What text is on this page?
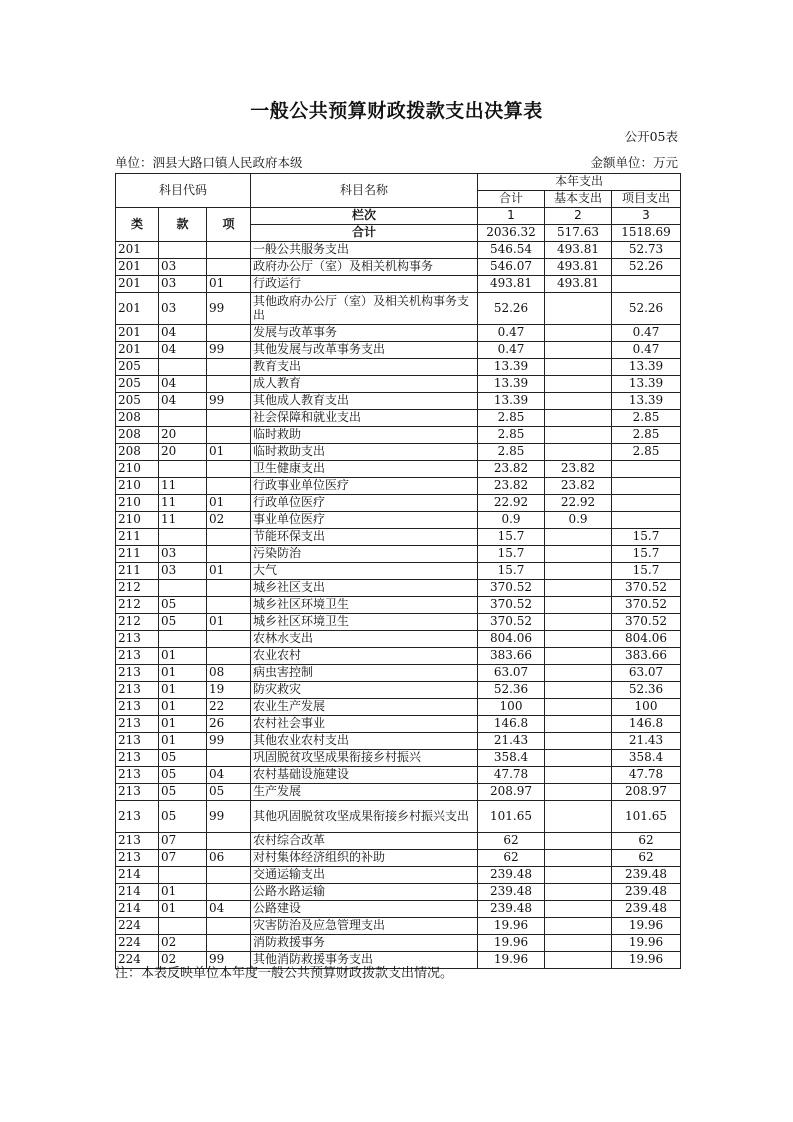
一般公共预算财政拨款支出决算表
公开05表
单位：泗县大路口镇人民政府本级	金额单位：万元
科目代码			科目名称	本年支出		
				合计	基本支出	项目支出
类	款	项	栏次	1	2	3
			合计	2036.32	517.63	1518.69
201			一般公共服务支出	546.54	493.81	52.73
201	03		政府办公厅（室）及相关机构事务	546.07	493.81	52.26
201	03	01	行政运行	493.81	493.81	
201	03	99	其他政府办公厅（室）及相关机构事务支出	52.26		52.26
201	04		发展与改革事务	0.47		0.47
201	04	99	其他发展与改革事务支出	0.47		0.47
205			教育支出	13.39		13.39
205	04		成人教育	13.39		13.39
205	04	99	其他成人教育支出	13.39		13.39
208			社会保障和就业支出	2.85		2.85
208	20		临时救助	2.85		2.85
208	20	01	临时救助支出	2.85		2.85
210			卫生健康支出	23.82	23.82	
210	11		行政事业单位医疗	23.82	23.82	
210	11	01	行政单位医疗	22.92	22.92	
210	11	02	事业单位医疗	0.9	0.9	
211			节能环保支出	15.7		15.7
211	03		污染防治	15.7		15.7
211	03	01	大气	15.7		15.7
212			城乡社区支出	370.52		370.52
212	05		城乡社区环境卫生	370.52		370.52
212	05	01	城乡社区环境卫生	370.52		370.52
213			农林水支出	804.06		804.06
213	01		农业农村	383.66		383.66
213	01	08	病虫害控制	63.07		63.07
213	01	19	防灾救灾	52.36		52.36
213	01	22	农业生产发展	100		100
213	01	26	农村社会事业	146.8		146.8
213	01	99	其他农业农村支出	21.43		21.43
213	05		巩固脱贫攻坚成果衔接乡村振兴	358.4		358.4
213	05	04	农村基础设施建设	47.78		47.78
213	05	05	生产发展	208.97		208.97
213	05	99	其他巩固脱贫攻坚成果衔接乡村振兴支出	101.65		101.65
213	07		农村综合改革	62		62
213	07	06	对村集体经济组织的补助	62		62
214			交通运输支出	239.48		239.48
214	01		公路水路运输	239.48		239.48
214	01	04	公路建设	239.48		239.48
224			灾害防治及应急管理支出	19.96		19.96
224	02		消防救援事务	19.96		19.96
224	02	99	其他消防救援事务支出	19.96		19.96
注：本表反映单位本年度一般公共预算财政拨款支出情况。
